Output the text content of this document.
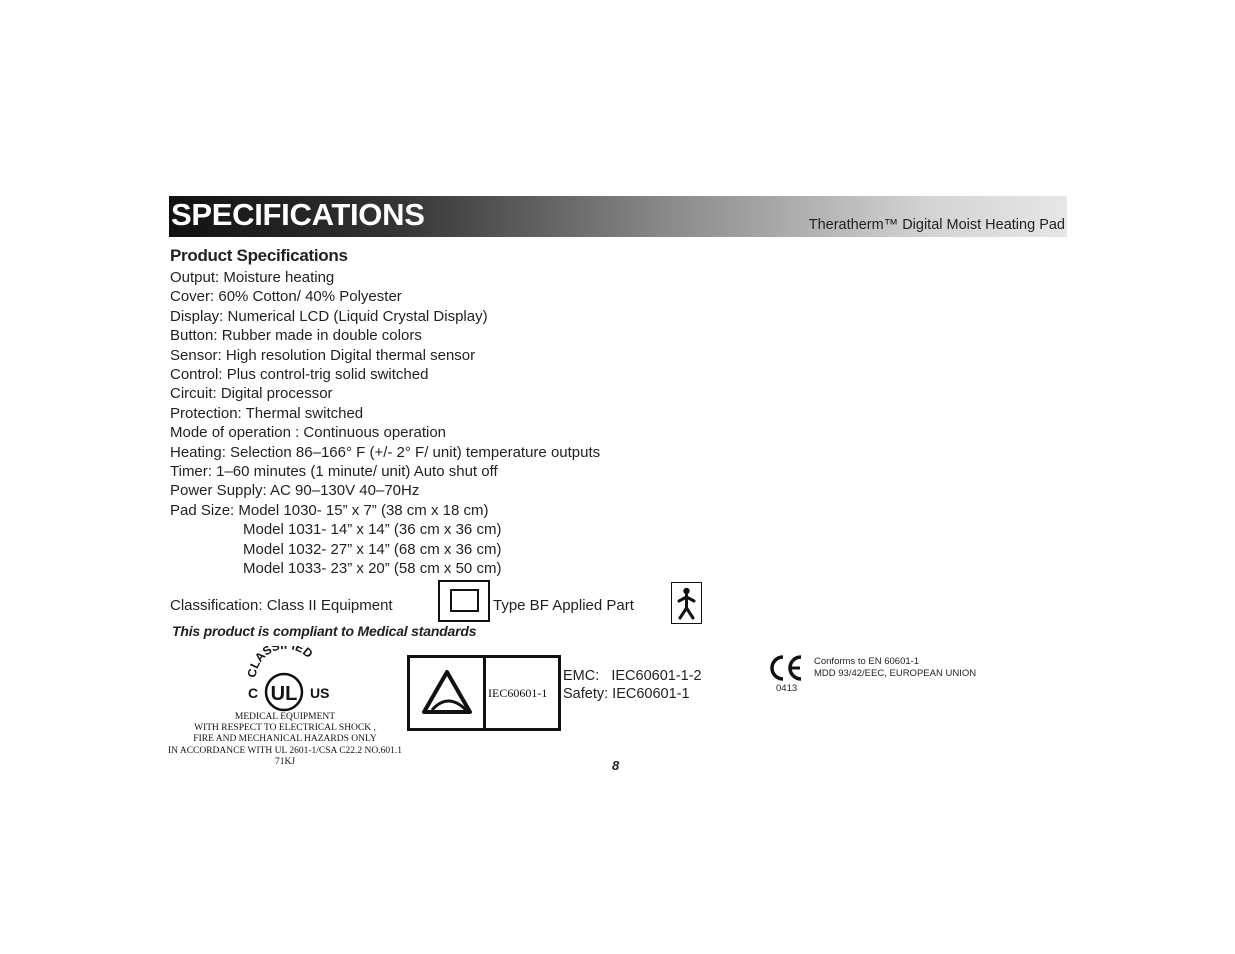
SPECIFICATIONS	Theratherm™ Digital Moist Heating Pad
Product Specifications
Output: Moisture heating
Cover: 60% Cotton/ 40% Polyester
Display: Numerical LCD (Liquid Crystal Display)
Button: Rubber made in double colors
Sensor: High resolution Digital thermal sensor
Control: Plus control-trig solid switched
Circuit: Digital processor
Protection: Thermal switched
Mode of operation : Continuous operation
Heating: Selection 86–166° F (+/- 2° F/ unit) temperature outputs
Timer: 1–60 minutes (1 minute/ unit) Auto shut off
Power Supply: AC 90–130V 40–70Hz
Pad Size: Model 1030- 15” x 7” (38 cm x 18 cm)
Model 1031- 14” x 14” (36 cm x 36 cm)
Model 1032- 27” x 14” (68 cm x 36 cm)
Model 1033- 23” x 20” (58 cm x 50 cm)
Classification: Class II Equipment	Type BF Applied Part
This product is compliant to Medical standards
CLASS ED
UL
C	US
MEDICAL EQUIPMENT
WITH RESPECT TO ELECTRICAL SHOCK ,
FIRE AND MECHANICAL HAZARDS ONLY
IN ACCORDANCE WITH UL 2601-1/CSA C22.2 NO.601.1
71KJ
IEC60601-1
EMC:   IEC60601-1-2
Safety: IEC60601-1	0413
Conforms to EN 60601-1
MDD 93/42/EEC, EUROPEAN UNION
8
